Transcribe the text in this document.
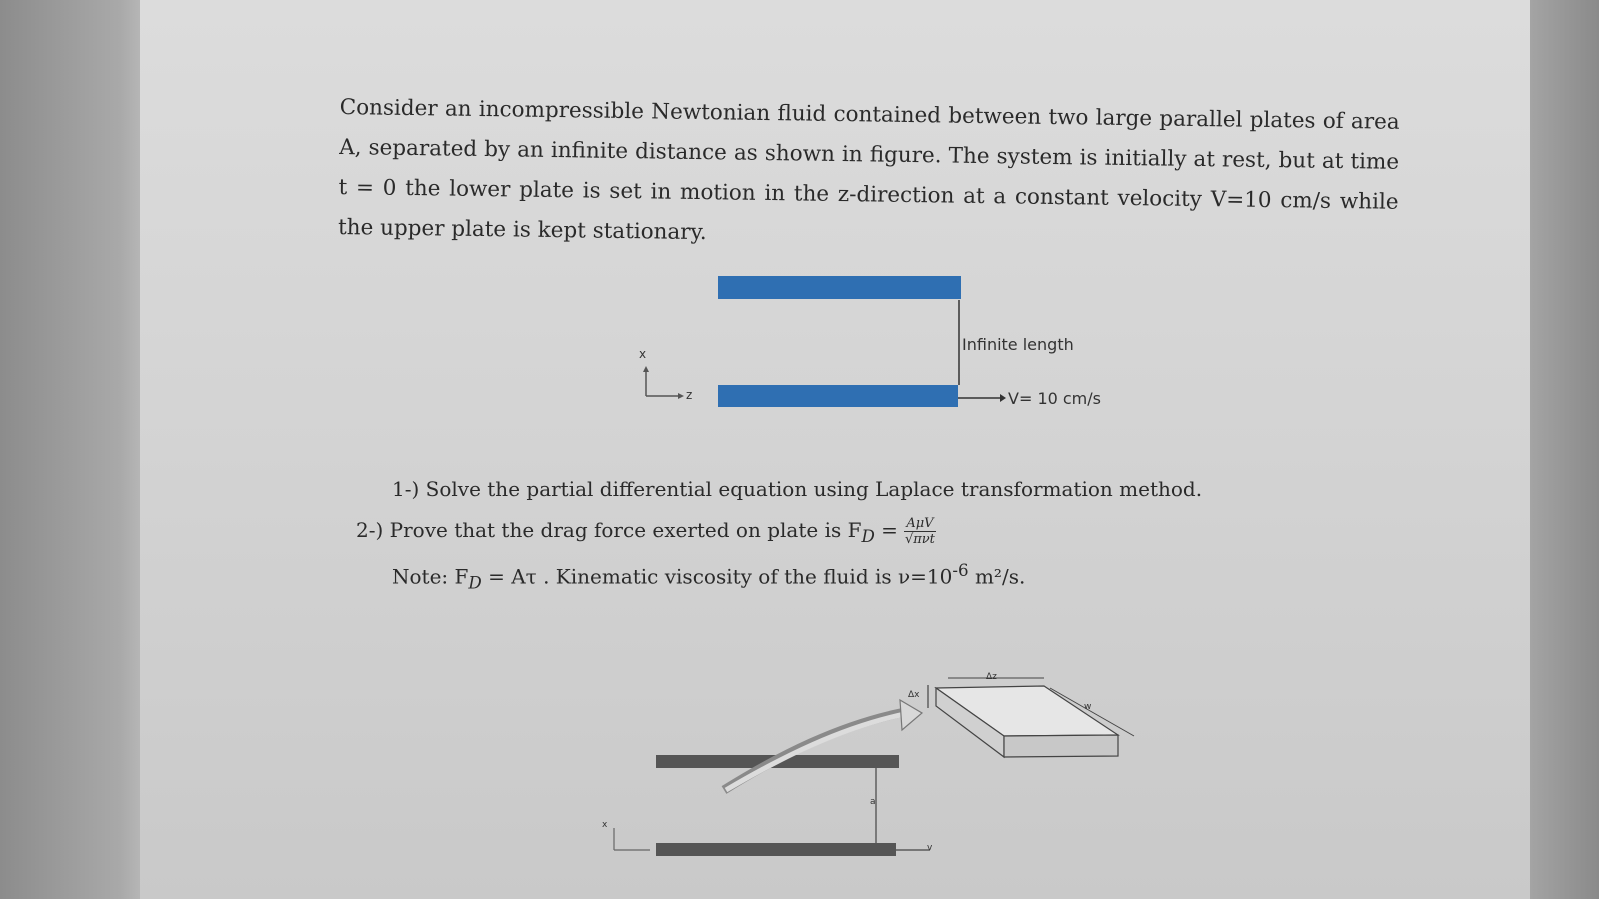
Consider an incompressible Newtonian fluid contained between two large parallel plates of area A, separated by an infinite distance as shown in figure. The system is initially at rest, but at time t = 0 the lower plate is set in motion in the z-direction at a constant velocity V=10 cm/s while the upper plate is kept stationary.
Infinite length
V= 10 cm/s
x
z
1-) Solve the partial differential equation using Laplace transformation method.
2-) Prove that the drag force exerted on plate is $F_D = \frac{\text{AμV}}{\text{√πνt}}$
Note: $F_D = A\tau$ . Kinematic viscosity of the fluid is $\nu=10^{-6}$ m²/s.
Δx
Δz
w
a
x
v
